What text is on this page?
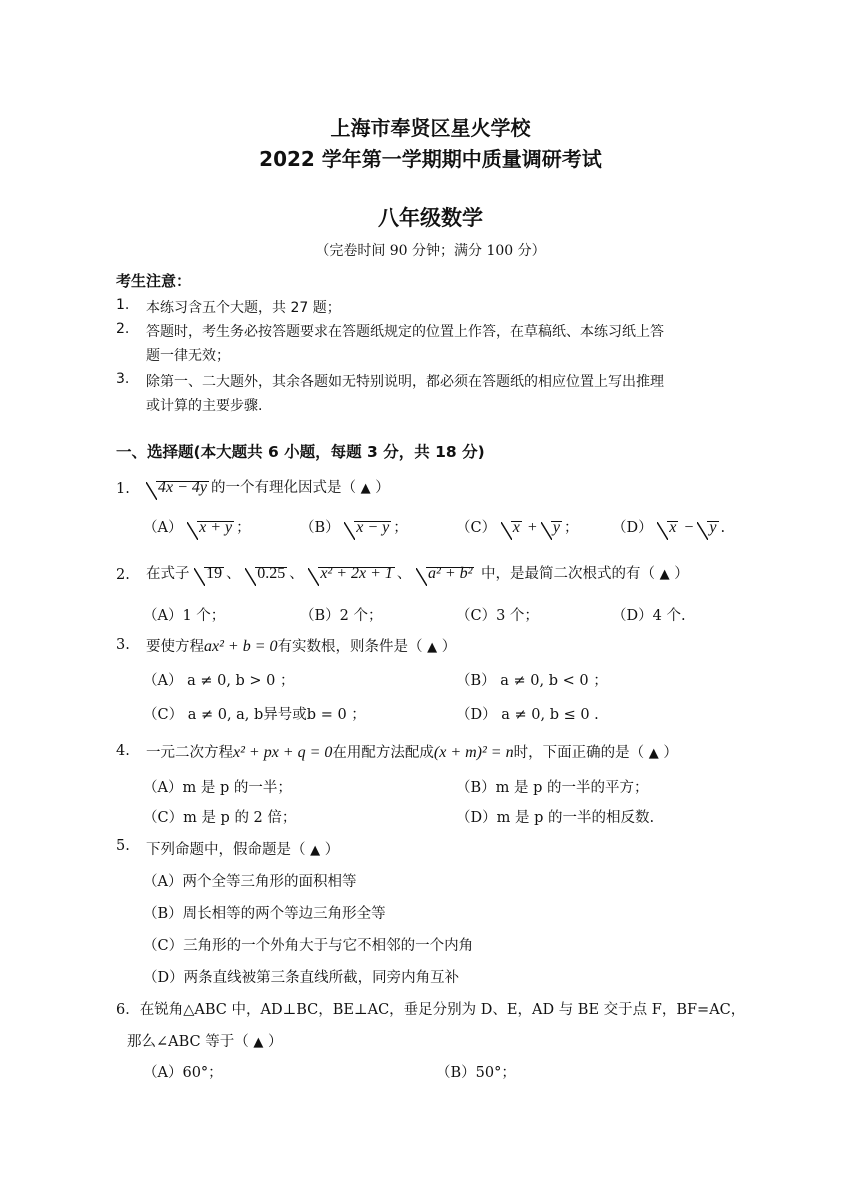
上海市奉贤区星火学校
2022 学年第一学期期中质量调研考试
八年级数学
（完卷时间 90 分钟；满分 100 分）
考生注意：
1. 本练习含五个大题，共 27 题；
2. 答题时，考生务必按答题要求在答题纸规定的位置上作答，在草稿纸、本练习纸上答
题一律无效；
3. 除第一、二大题外，其余各题如无特别说明，都必须在答题纸的相应位置上写出推理
或计算的主要步骤.
一、选择题(本大题共 6 小题，每题 3 分，共 18 分)
1.	4x − 4y 的一个有理化因式是（ ▲ ）
（A） x + y ；	（B） x − y ；	（C） x + y ； （D） x − y .
2. 在式子 19 、 0.25 、 x² + 2x + 1 、 a² + b² 中，是最简二次根式的有（ ▲ ）
（A）1 个；	（B）2 个；	（C）3 个；	（D）4 个.
3. 要使方程ax² + b = 0有实数根，则条件是（ ▲ ）
（A） a ≠ 0, b > 0 ；	（B） a ≠ 0, b < 0 ；
（C） a ≠ 0, a, b异号或b = 0 ；	（D） a ≠ 0, b ≤ 0 .
4. 一元二次方程x² + px + q = 0在用配方法配成(x + m)² = n时，下面正确的是（ ▲ ）
（A）m 是 p 的一半；	（B）m 是 p 的一半的平方；
（C）m 是 p 的 2 倍；	（D）m 是 p 的一半的相反数.
5. 下列命题中，假命题是（ ▲ ）
（A）两个全等三角形的面积相等
（B）周长相等的两个等边三角形全等
（C）三角形的一个外角大于与它不相邻的一个内角
（D）两条直线被第三条直线所截，同旁内角互补
6．在锐角△ABC 中，AD⊥BC，BE⊥AC，垂足分别为 D、E，AD 与 BE 交于点 F，BF=AC，
那么∠ABC 等于（ ▲ ）
（A）60°；	（B）50°；
